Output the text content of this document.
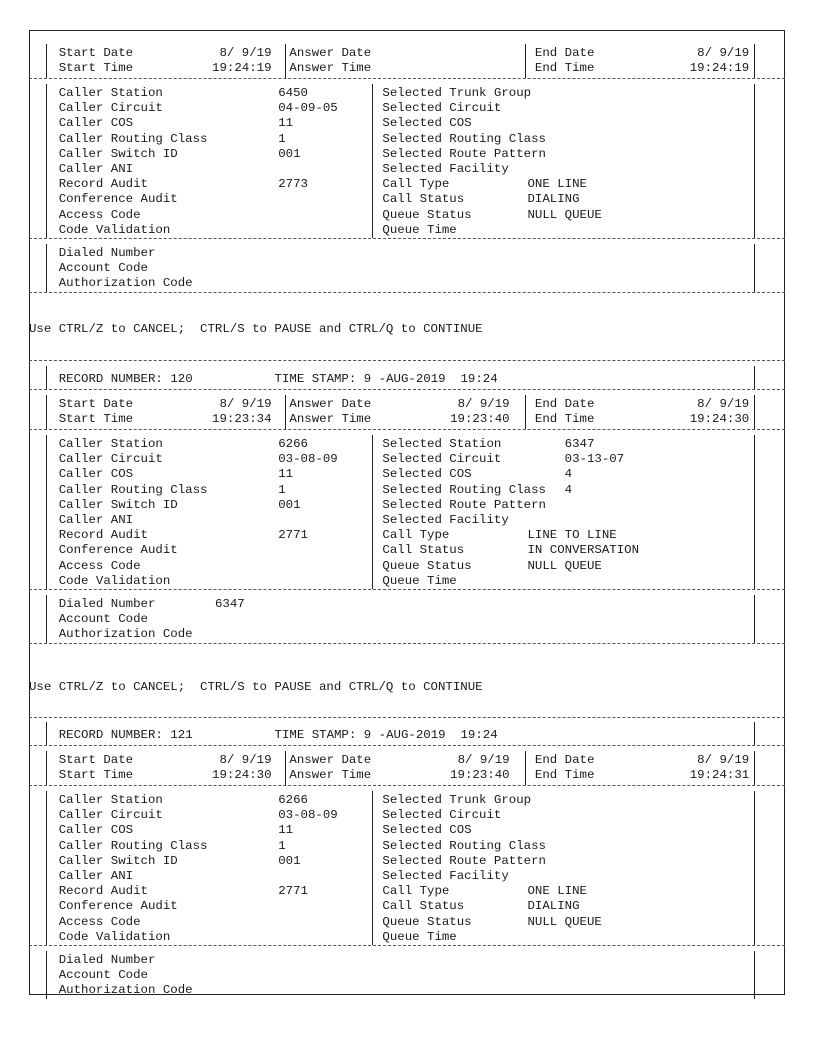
Start Date	8/ 9/19 Answer Date	End Date	8/ 9/19
Start Time	19:24:19 Answer Time	End Time	19:24:19
Caller Station	6450	Selected Trunk Group
Caller Circuit	04-09-05	Selected Circuit
Caller COS	11	Selected COS
Caller Routing Class	1	Selected Routing Class
Caller Switch ID	001	Selected Route Pattern
Caller ANI	Selected Facility
Record Audit	2773	Call Type	ONE LINE
Conference Audit	Call Status	DIALING
Access Code	Queue Status	NULL QUEUE
Code Validation	Queue Time
Dialed Number
Account Code
Authorization Code
Use CTRL/Z to CANCEL;  CTRL/S to PAUSE and CTRL/Q to CONTINUE
RECORD NUMBER: 120	TIME STAMP: 9 -AUG-2019  19:24
Start Date	8/ 9/19 Answer Date	8/ 9/19 End Date	8/ 9/19
Start Time	19:23:34 Answer Time	19:23:40 End Time	19:24:30
Caller Station	6266	Selected Station	6347
Caller Circuit	03-08-09	Selected Circuit	03-13-07
Caller COS	11	Selected COS	4
Caller Routing Class	1	Selected Routing Class 4
Caller Switch ID	001	Selected Route Pattern
Caller ANI	Selected Facility
Record Audit	2771	Call Type	LINE TO LINE
Conference Audit	Call Status	IN CONVERSATION
Access Code	Queue Status	NULL QUEUE
Code Validation	Queue Time
Dialed Number	6347
Account Code
Authorization Code
Use CTRL/Z to CANCEL;  CTRL/S to PAUSE and CTRL/Q to CONTINUE
RECORD NUMBER: 121	TIME STAMP: 9 -AUG-2019  19:24
Start Date	8/ 9/19 Answer Date	8/ 9/19 End Date	8/ 9/19
Start Time	19:24:30 Answer Time	19:23:40 End Time	19:24:31
Caller Station	6266	Selected Trunk Group
Caller Circuit	03-08-09	Selected Circuit
Caller COS	11	Selected COS
Caller Routing Class	1	Selected Routing Class
Caller Switch ID	001	Selected Route Pattern
Caller ANI	Selected Facility
Record Audit	2771	Call Type	ONE LINE
Conference Audit	Call Status	DIALING
Access Code	Queue Status	NULL QUEUE
Code Validation	Queue Time
Dialed Number
Account Code
Authorization Code
